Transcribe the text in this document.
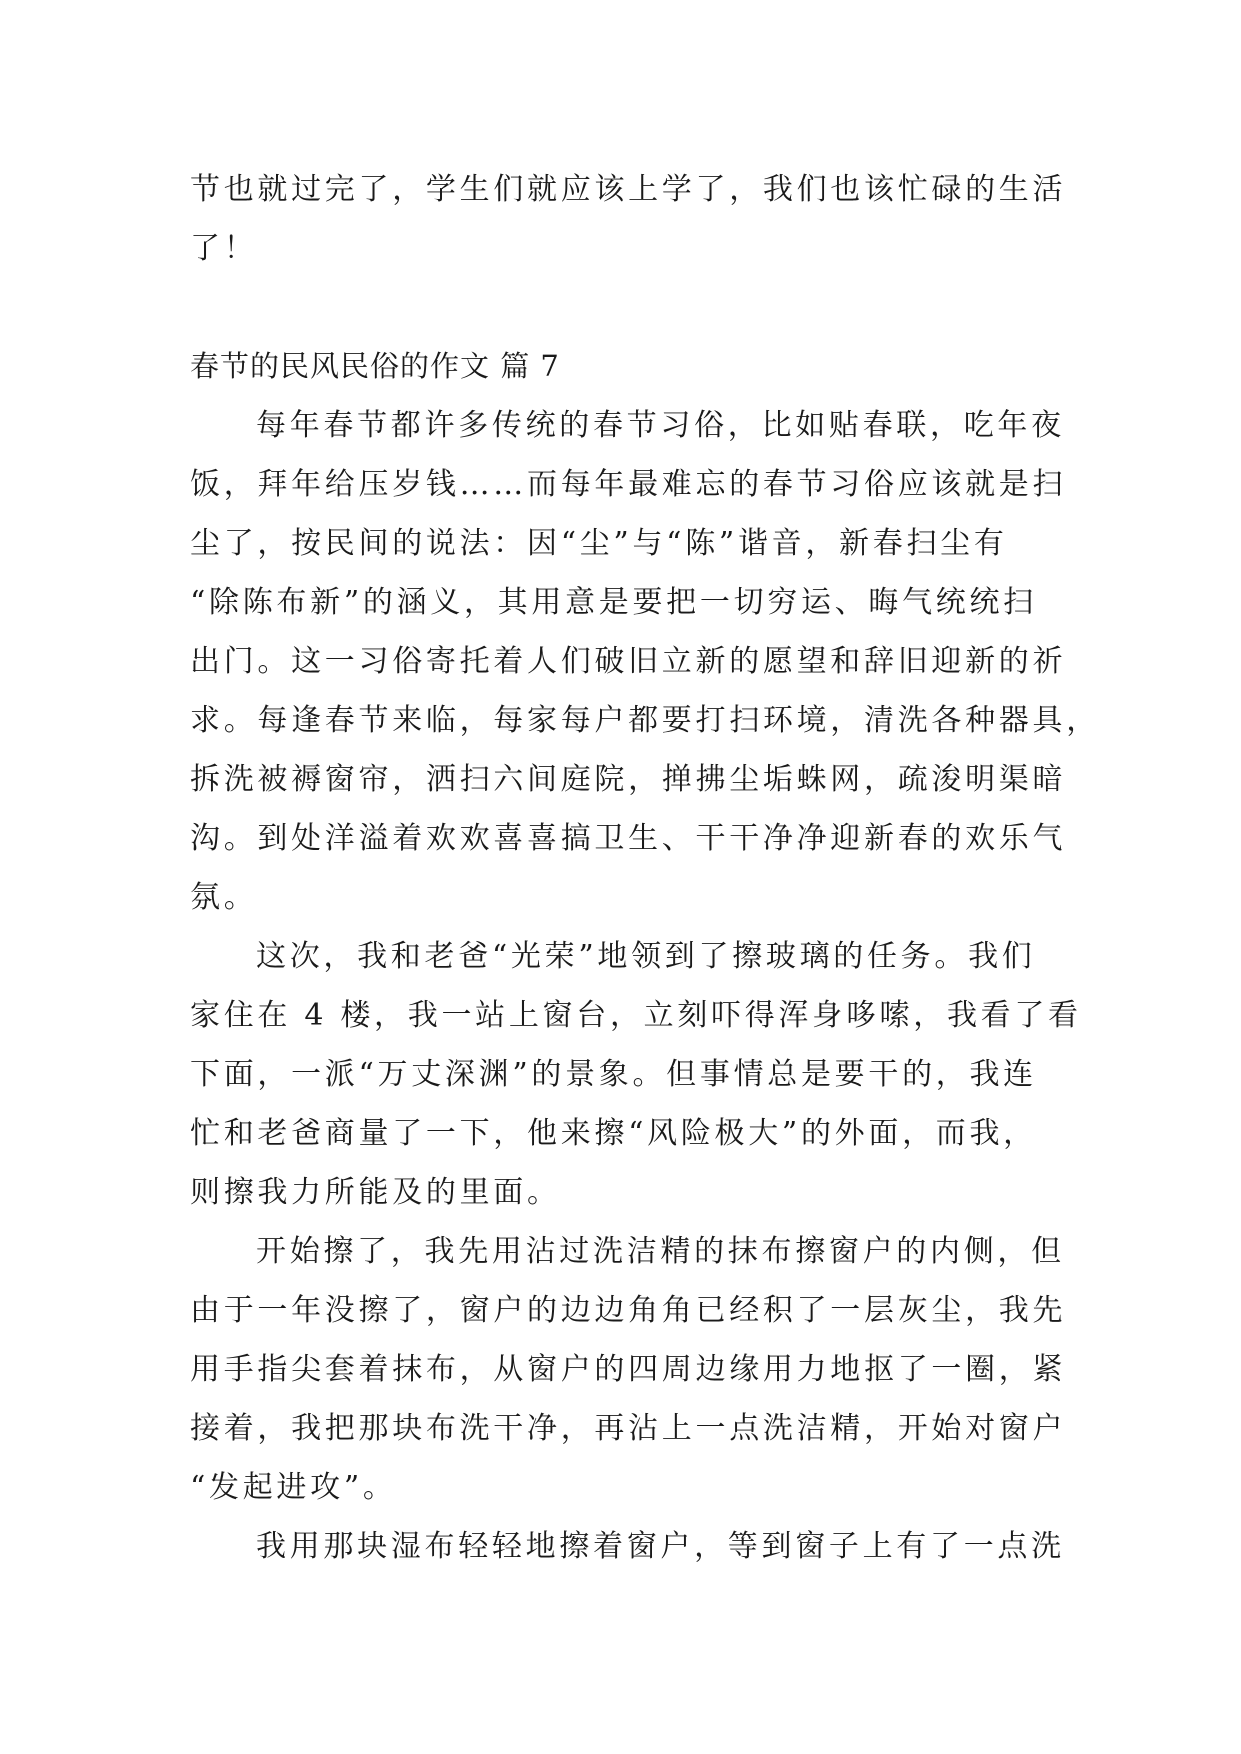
节也就过完了，学生们就应该上学了，我们也该忙碌的生活
了！
春节的民风民俗的作文 篇 7
每年春节都许多传统的春节习俗，比如贴春联，吃年夜
饭，拜年给压岁钱……而每年最难忘的春节习俗应该就是扫
尘了，按民间的说法：因“尘”与“陈”谐音，新春扫尘有
“除陈布新”的涵义，其用意是要把一切穷运、晦气统统扫
出门。这一习俗寄托着人们破旧立新的愿望和辞旧迎新的祈
求。每逢春节来临，每家每户都要打扫环境，清洗各种器具，
拆洗被褥窗帘，洒扫六间庭院，掸拂尘垢蛛网，疏浚明渠暗
沟。到处洋溢着欢欢喜喜搞卫生、干干净净迎新春的欢乐气
氛。
这次，我和老爸“光荣”地领到了擦玻璃的任务。我们
家住在 4 楼，我一站上窗台，立刻吓得浑身哆嗦，我看了看
下面，一派“万丈深渊”的景象。但事情总是要干的，我连
忙和老爸商量了一下，他来擦“风险极大”的外面，而我，
则擦我力所能及的里面。
开始擦了，我先用沾过洗洁精的抹布擦窗户的内侧，但
由于一年没擦了，窗户的边边角角已经积了一层灰尘，我先
用手指尖套着抹布，从窗户的四周边缘用力地抠了一圈，紧
接着，我把那块布洗干净，再沾上一点洗洁精，开始对窗户
“发起进攻”。
我用那块湿布轻轻地擦着窗户，等到窗子上有了一点洗
